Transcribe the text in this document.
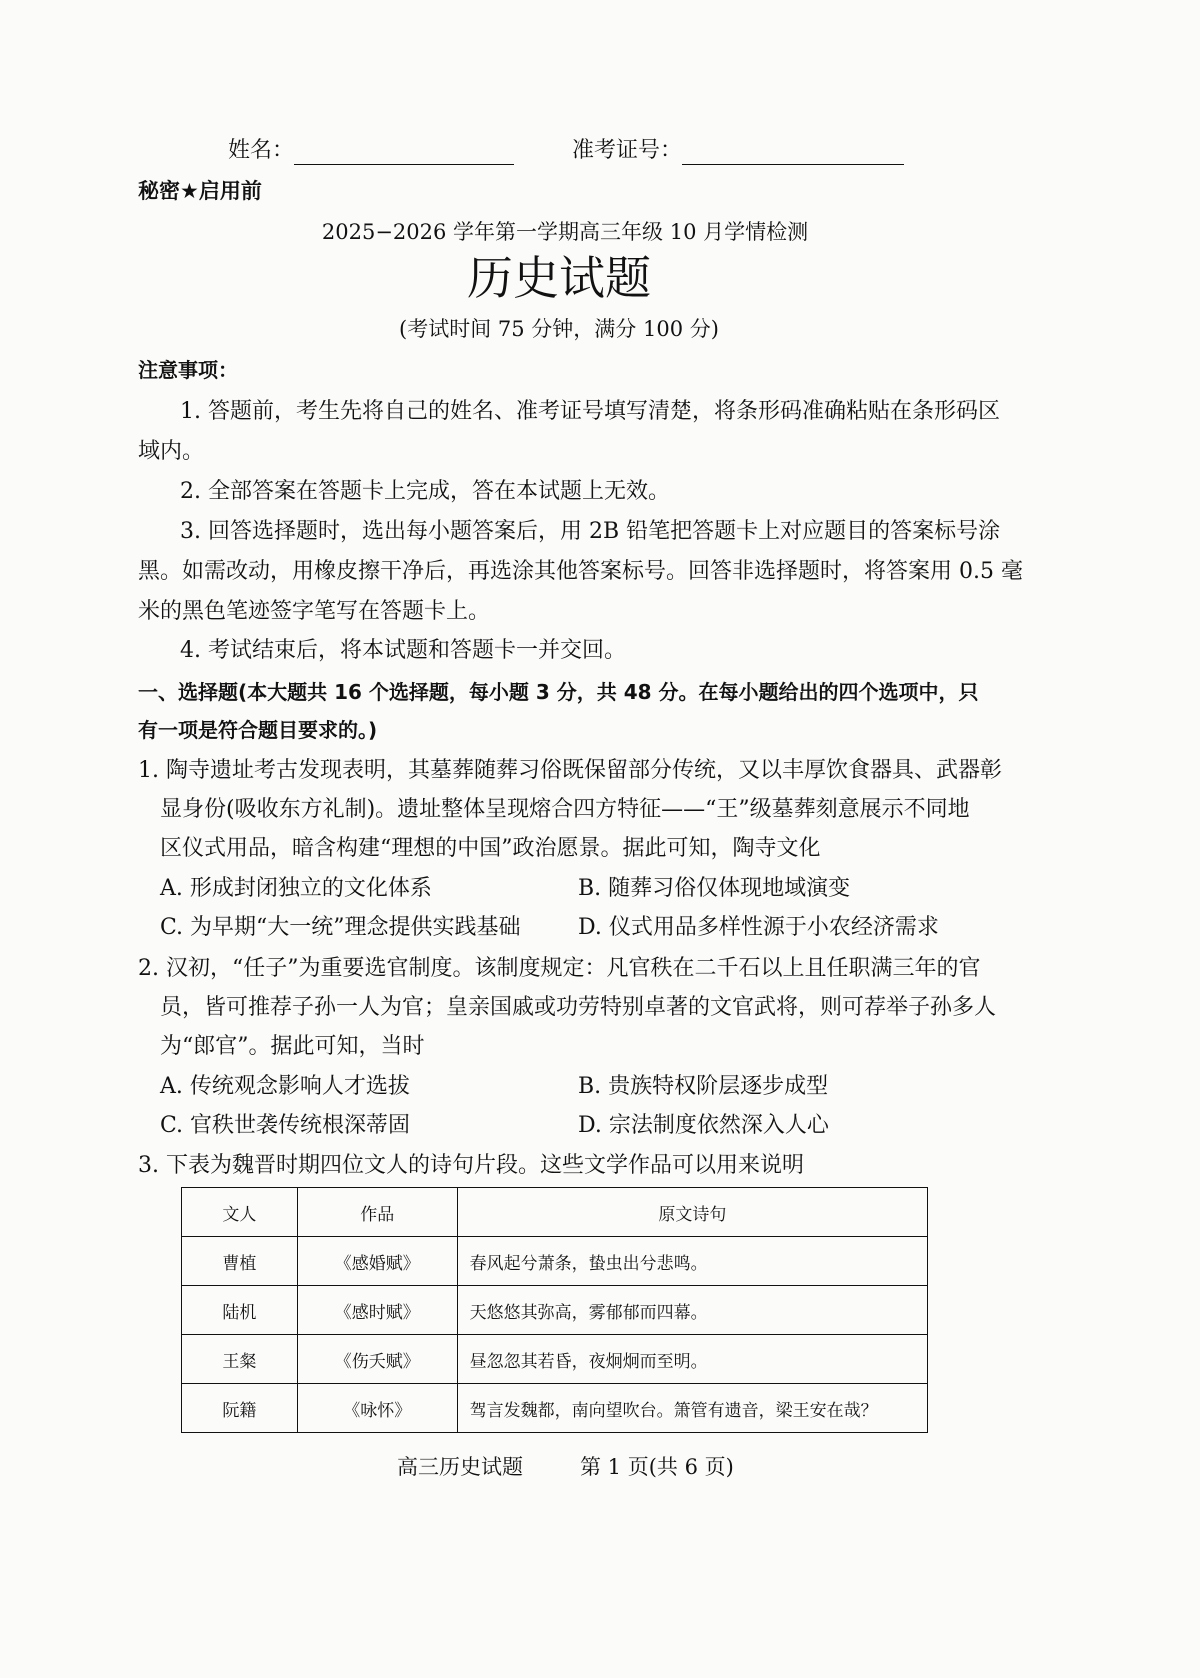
姓名：	准考证号：
秘密★启用前
2025−2026 学年第一学期高三年级 10 月学情检测
历史试题
(考试时间 75 分钟，满分 100 分)
注意事项：
1. 答题前，考生先将自己的姓名、准考证号填写清楚，将条形码准确粘贴在条形码区
域内。
2. 全部答案在答题卡上完成，答在本试题上无效。
3. 回答选择题时，选出每小题答案后，用 2B 铅笔把答题卡上对应题目的答案标号涂
黑。如需改动，用橡皮擦干净后，再选涂其他答案标号。回答非选择题时，将答案用 0.5 毫
米的黑色笔迹签字笔写在答题卡上。
4. 考试结束后，将本试题和答题卡一并交回。
一、选择题(本大题共 16 个选择题，每小题 3 分，共 48 分。在每小题给出的四个选项中，只
有一项是符合题目要求的。)
1. 陶寺遗址考古发现表明，其墓葬随葬习俗既保留部分传统，又以丰厚饮食器具、武器彰
显身份(吸收东方礼制)。遗址整体呈现熔合四方特征——“王”级墓葬刻意展示不同地
区仪式用品，暗含构建“理想的中国”政治愿景。据此可知，陶寺文化
A. 形成封闭独立的文化体系	B. 随葬习俗仅体现地域演变
C. 为早期“大一统”理念提供实践基础	D. 仪式用品多样性源于小农经济需求
2. 汉初，“任子”为重要选官制度。该制度规定：凡官秩在二千石以上且任职满三年的官
员，皆可推荐子孙一人为官；皇亲国戚或功劳特别卓著的文官武将，则可荐举子孙多人
为“郎官”。据此可知，当时
A. 传统观念影响人才选拔	B. 贵族特权阶层逐步成型
C. 官秩世袭传统根深蒂固	D. 宗法制度依然深入人心
3. 下表为魏晋时期四位文人的诗句片段。这些文学作品可以用来说明
文人	作品	原文诗句
曹植	《感婚赋》	春风起兮萧条，蛰虫出兮悲鸣。
陆机	《感时赋》	天悠悠其弥高，雾郁郁而四幕。
王粲	《伤夭赋》	昼忽忽其若昏，夜炯炯而至明。
阮籍	《咏怀》	驾言发魏都，南向望吹台。箫管有遗音，梁王安在哉？
高三历史试题	第 1 页(共 6 页)
